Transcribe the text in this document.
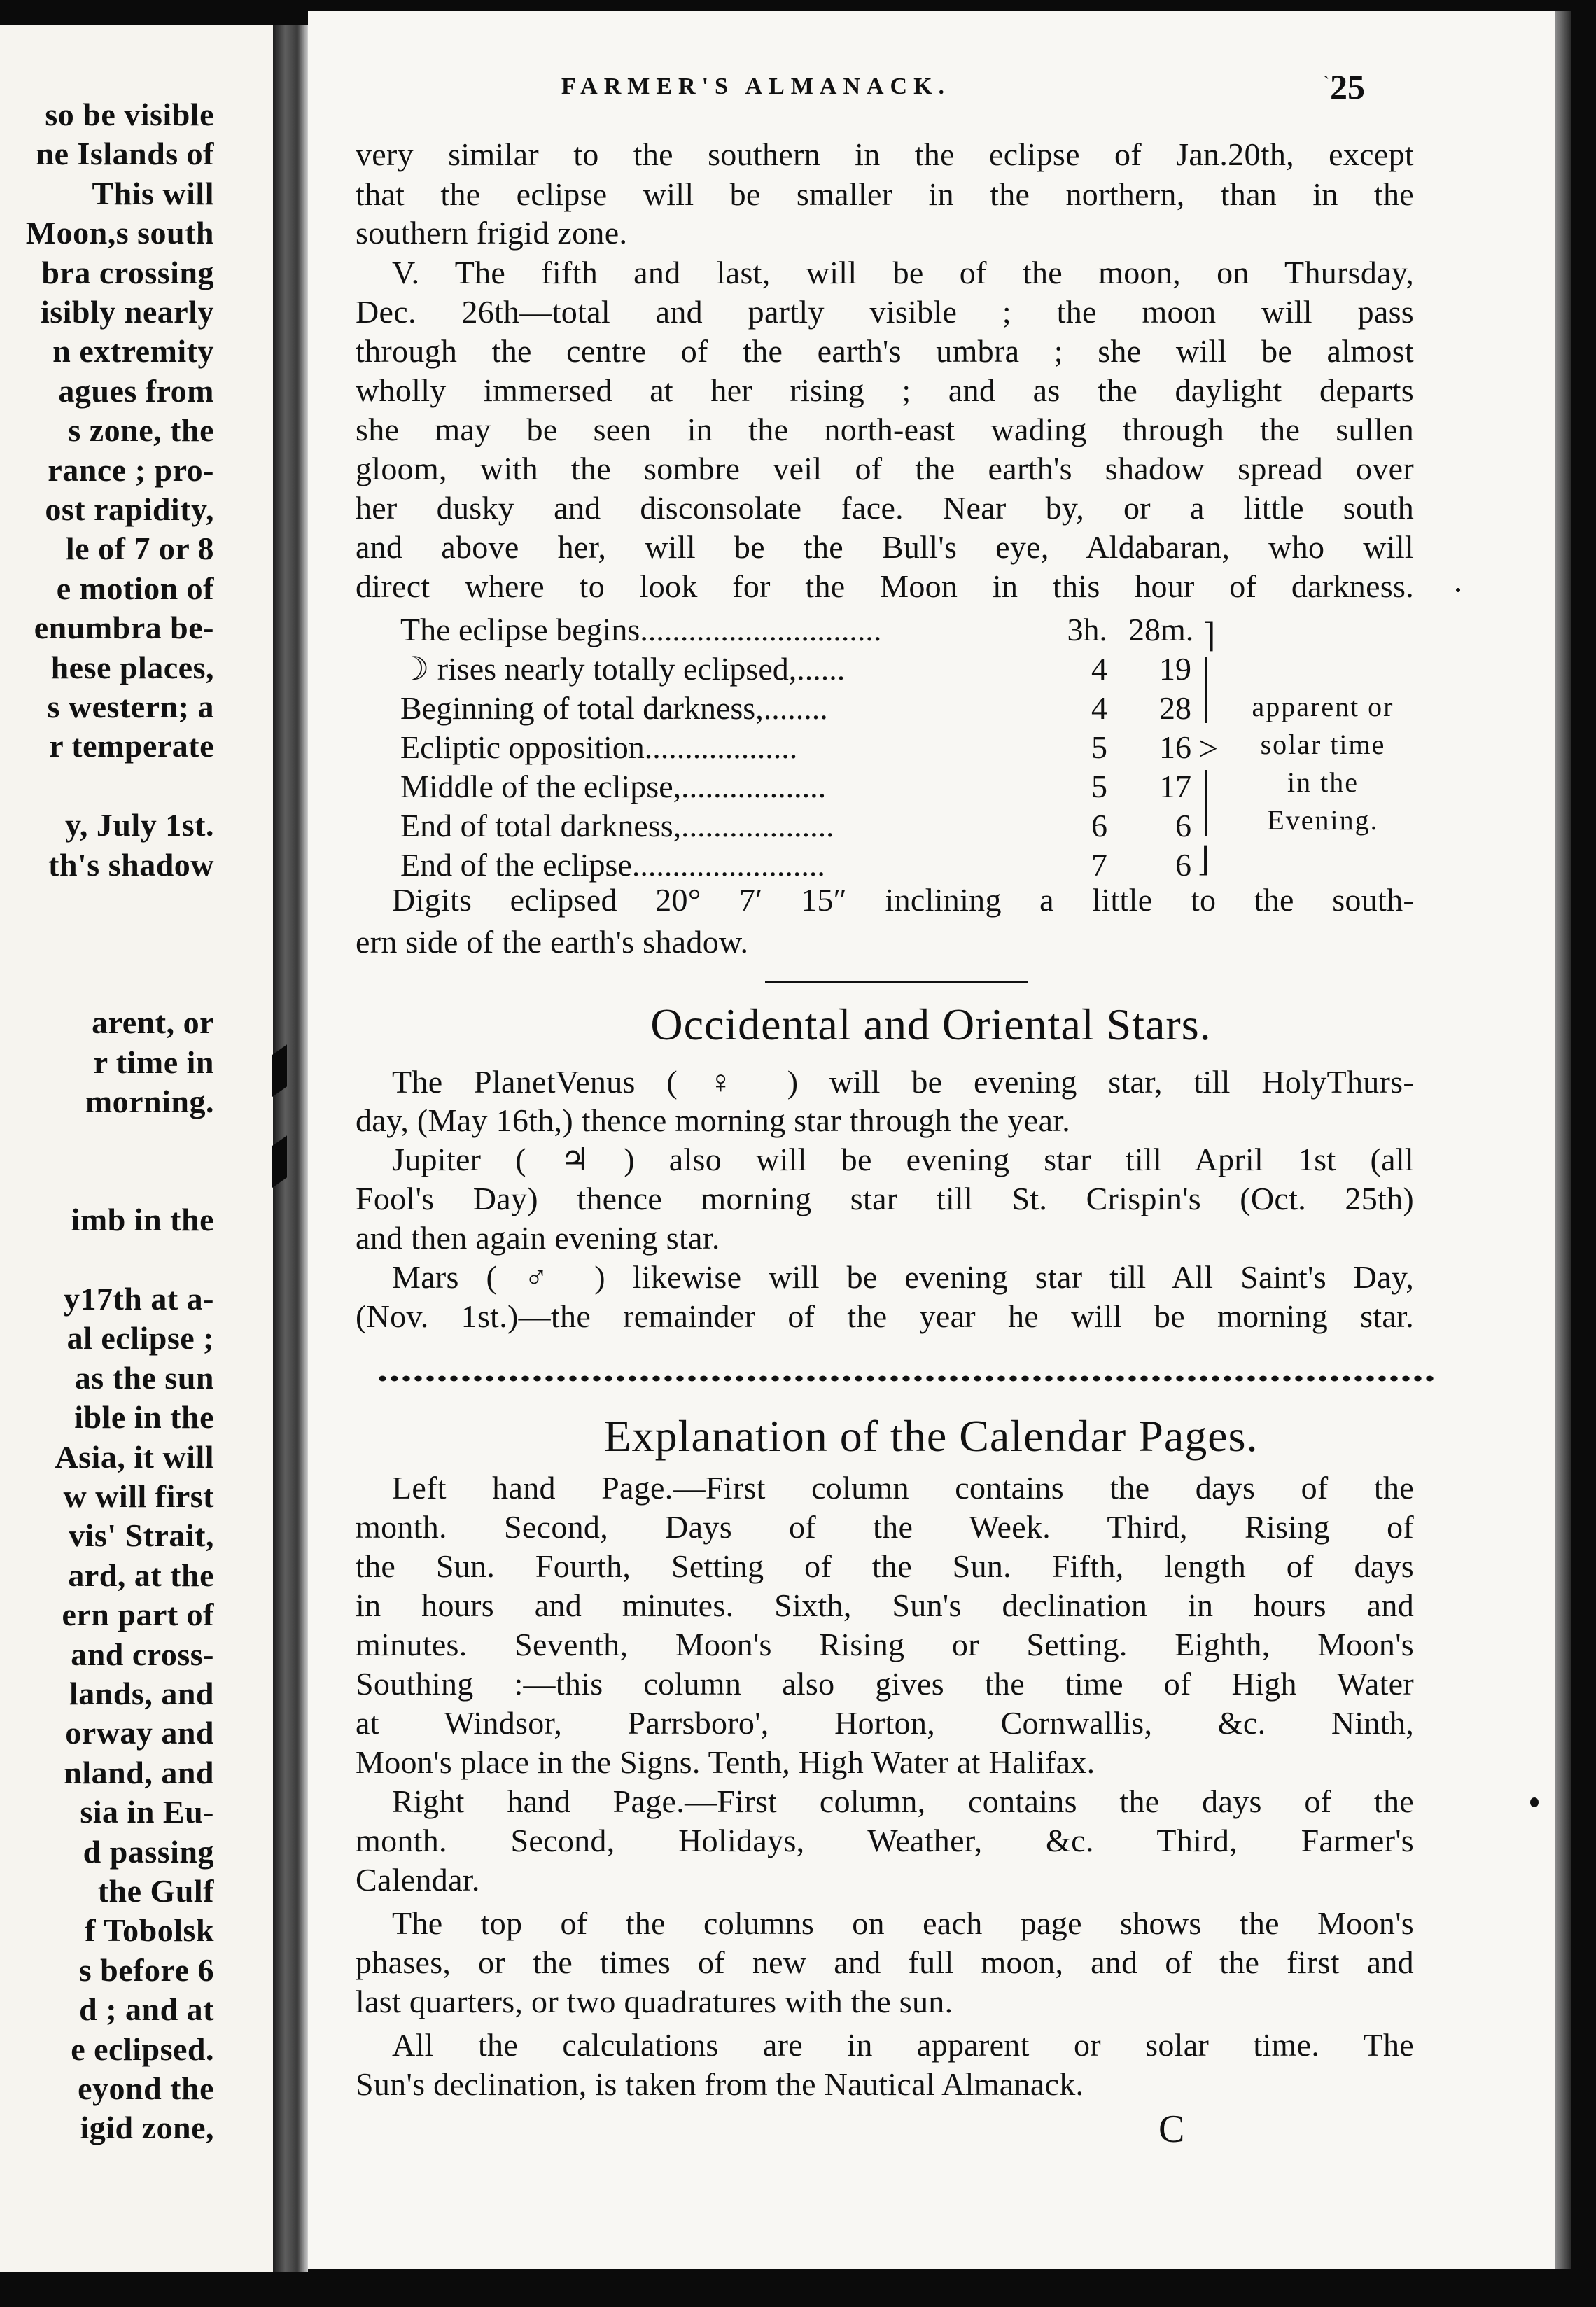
so be visible
ne Islands of
This will
Moon,s south
bra crossing
isibly nearly
n extremity
agues from
s zone, the
rance ; pro-
ost rapidity,
le of 7 or 8
e motion of
enumbra be-
hese places,
s western; a
r temperate
y, July 1st.
th's shadow
arent, or
r time in
morning.
imb in the
y17th at a-
al eclipse ;
as the sun
ible in the
Asia, it will
w will first
vis' Strait,
ard, at the
ern part of
and cross-
lands, and
orway and
nland, and
sia in Eu-
d passing
the Gulf
f Tobolsk
s before 6
d ; and at
e eclipsed.
eyond the
igid zone,
FARMER'S ALMANACK.	` 25
very similar to the southern in the eclipse of Jan.20th, except
that the eclipse will be smaller in the northern, than in the
southern frigid zone.
V. The fifth and last, will be of the moon, on Thursday,
Dec. 26th—total and partly visible ; the moon will pass
through the centre of the earth's umbra ; she will be almost
wholly immersed at her rising ; and as the daylight departs
she may be seen in the north-east wading through the sullen
gloom, with the sombre veil of the earth's shadow spread over
her dusky and disconsolate face. Near by, or a little south
and above her, will be the Bull's eye, Aldabaran, who will
direct where to look for the Moon in this hour of darkness.
The eclipse begins..............................	3h. 28m.
☽ rises nearly totally eclipsed,......	4	19
Beginning of total darkness,........	4	28
Ecliptic opposition...................	5	16
Middle of the eclipse,..................	5	17
End of total darkness,...................	6	6
End of the eclipse........................	7	6
⌉
>
⌋
apparent or
solar time
in the
Evening.
Digits eclipsed 20° 7′ 15″ inclining a little to the south-
ern side of the earth's shadow.
Occidental and Oriental Stars.
The PlanetVenus ( ♀ ) will be evening star, till HolyThurs-
day, (May 16th,) thence morning star through the year.
Jupiter ( ♃ ) also will be evening star till April 1st (all
Fool's Day) thence morning star till St. Crispin's (Oct. 25th)
and then again evening star.
Mars ( ♂ ) likewise will be evening star till All Saint's Day,
(Nov. 1st.)—the remainder of the year he will be morning star.
Explanation of the Calendar Pages.
Left hand Page.—First column contains the days of the
month. Second, Days of the Week. Third, Rising of
the Sun. Fourth, Setting of the Sun. Fifth, length of days
in hours and minutes. Sixth, Sun's declination in hours and
minutes. Seventh, Moon's Rising or Setting. Eighth, Moon's
Southing :—this column also gives the time of High Water
at Windsor, Parrsboro', Horton, Cornwallis, &c. Ninth,
Moon's place in the Signs. Tenth, High Water at Halifax.
Right hand Page.—First column, contains the days of the
month. Second, Holidays, Weather, &c. Third, Farmer's
Calendar.
The top of the columns on each page shows the Moon's
phases, or the times of new and full moon, and of the first and
last quarters, or two quadratures with the sun.
All the calculations are in apparent or solar time. The
Sun's declination, is taken from the Nautical Almanack.
C
